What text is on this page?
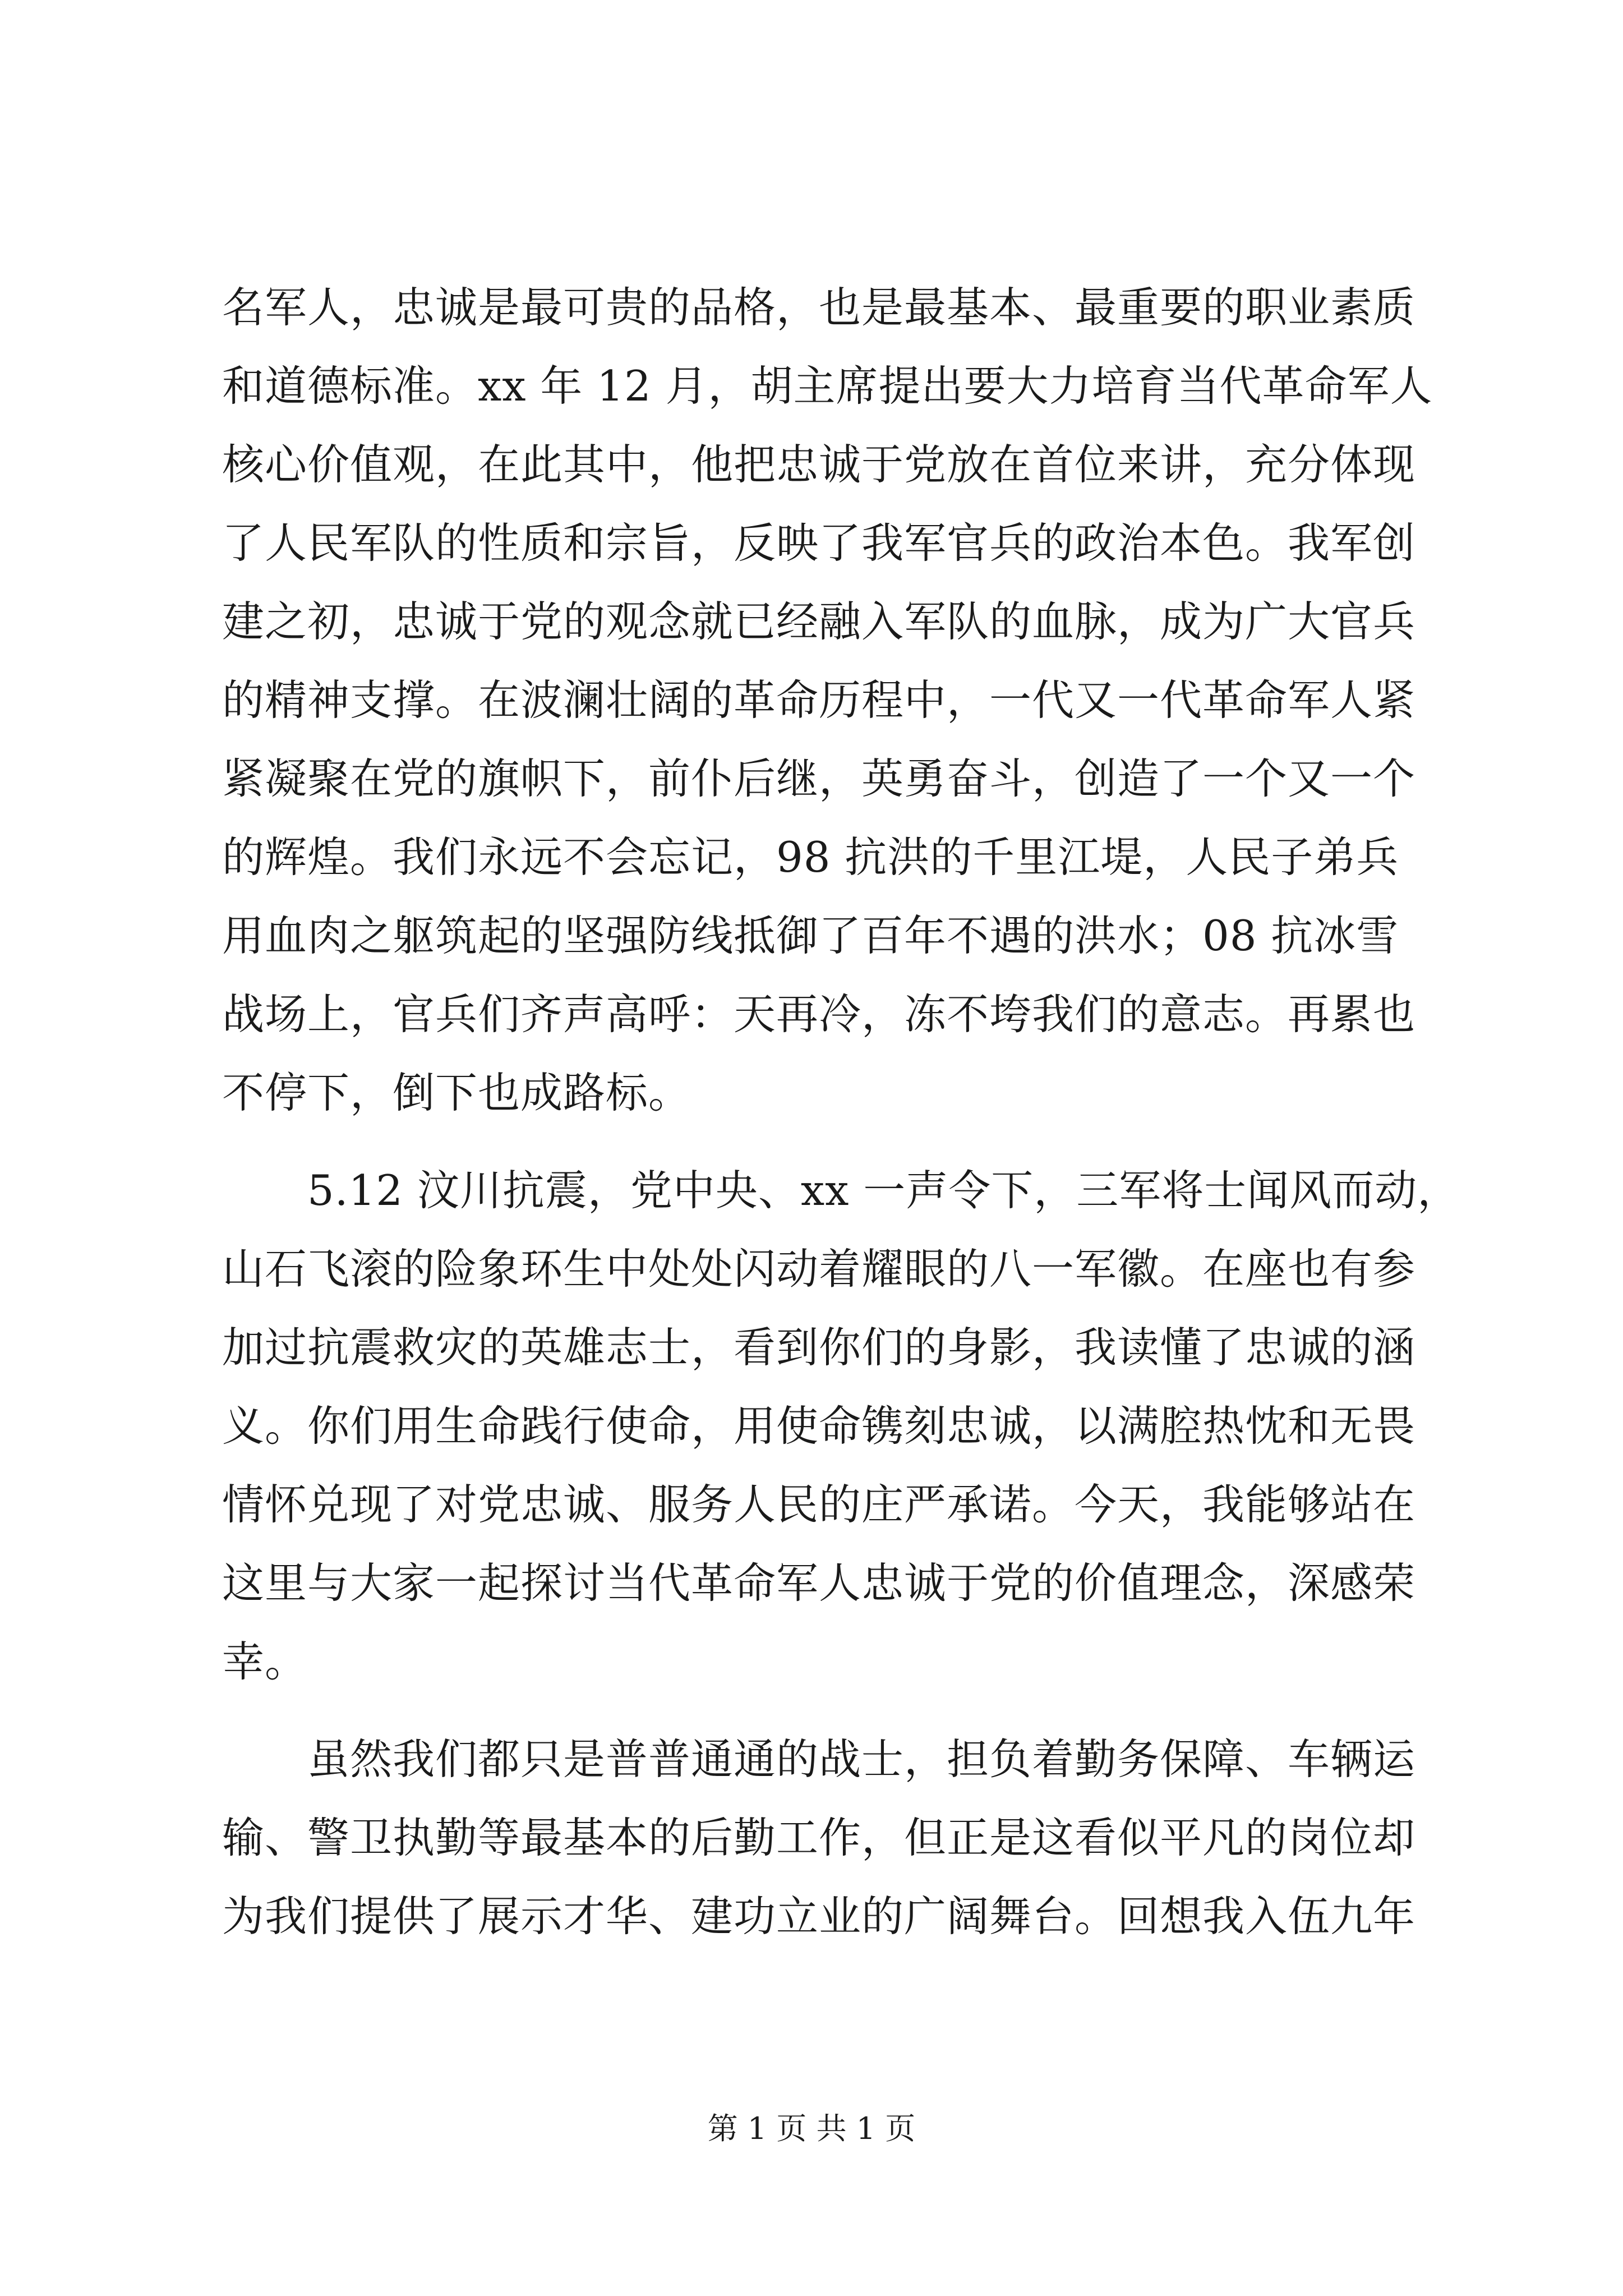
名军人，忠诚是最可贵的品格，也是最基本、最重要的职业素质
和道德标准。xx 年 12 月，胡主席提出要大力培育当代革命军人
核心价值观，在此其中，他把忠诚于党放在首位来讲，充分体现
了人民军队的性质和宗旨，反映了我军官兵的政治本色。我军创
建之初，忠诚于党的观念就已经融入军队的血脉，成为广大官兵
的精神支撑。在波澜壮阔的革命历程中，一代又一代革命军人紧
紧凝聚在党的旗帜下，前仆后继，英勇奋斗，创造了一个又一个
的辉煌。我们永远不会忘记，98 抗洪的千里江堤，人民子弟兵
用血肉之躯筑起的坚强防线抵御了百年不遇的洪水；08 抗冰雪
战场上，官兵们齐声高呼：天再冷，冻不垮我们的意志。再累也
不停下，倒下也成路标。
　　5.12 汶川抗震，党中央、xx 一声令下，三军将士闻风而动，
山石飞滚的险象环生中处处闪动着耀眼的八一军徽。在座也有参
加过抗震救灾的英雄志士，看到你们的身影，我读懂了忠诚的涵
义。你们用生命践行使命，用使命镌刻忠诚，以满腔热忱和无畏
情怀兑现了对党忠诚、服务人民的庄严承诺。今天，我能够站在
这里与大家一起探讨当代革命军人忠诚于党的价值理念，深感荣
幸。
　　虽然我们都只是普普通通的战士，担负着勤务保障、车辆运
输、警卫执勤等最基本的后勤工作，但正是这看似平凡的岗位却
为我们提供了展示才华、建功立业的广阔舞台。回想我入伍九年
第 1 页 共 1 页
